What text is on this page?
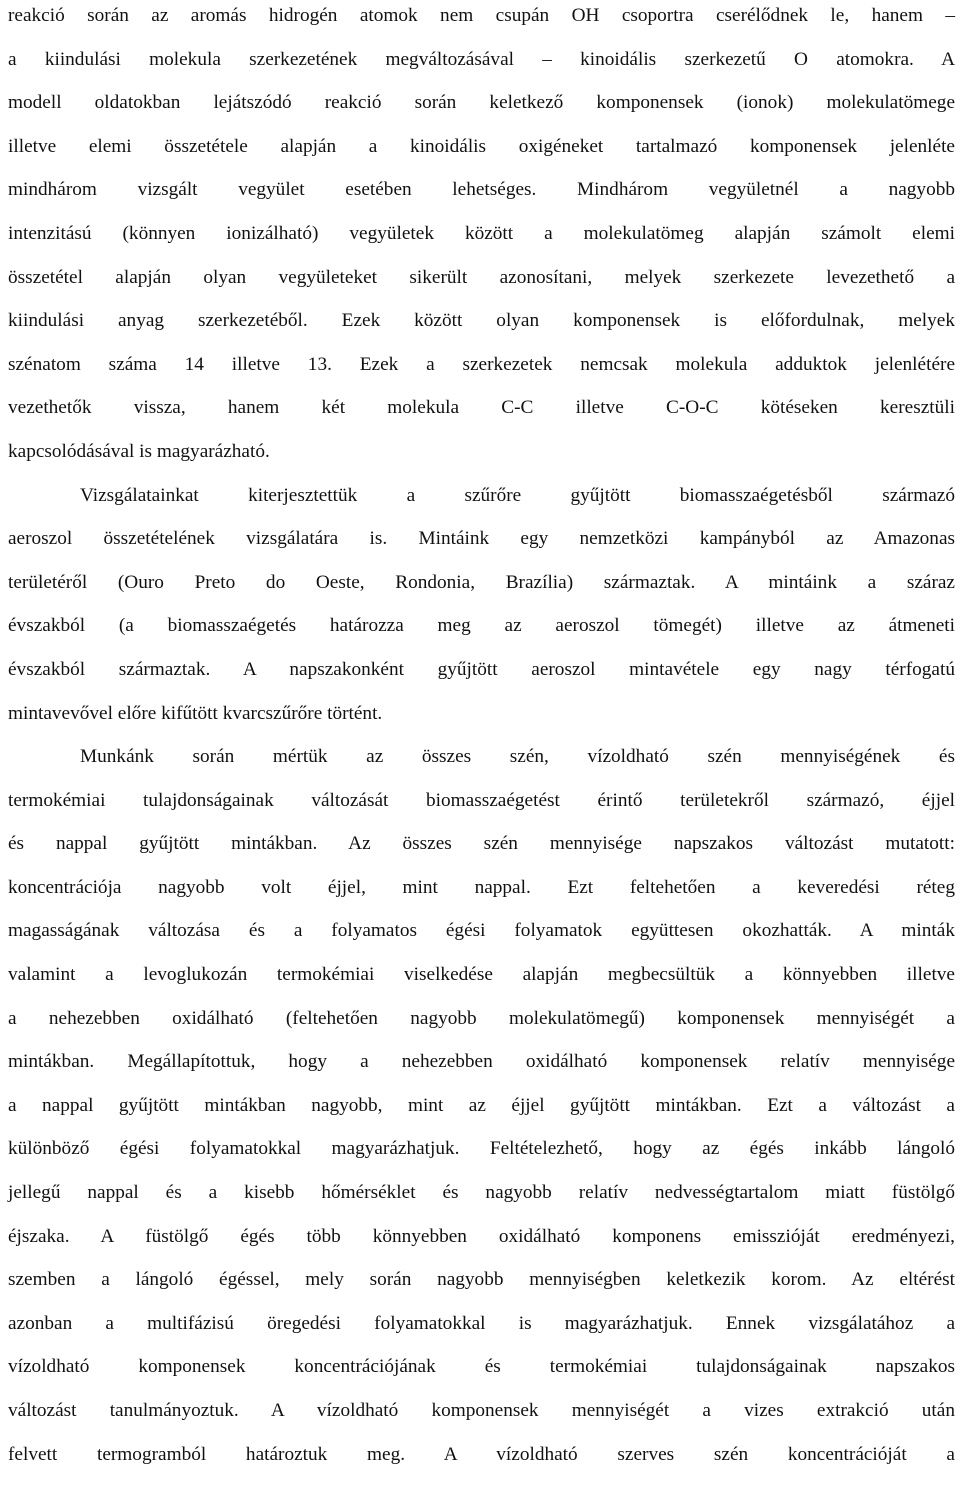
reakció során az aromás hidrogén atomok nem csupán OH csoportra cserélődnek le, hanem –
a kiindulási molekula szerkezetének megváltozásával – kinoidális szerkezetű O atomokra. A
modell oldatokban lejátszódó reakció során keletkező komponensek (ionok) molekulatömege
illetve elemi összetétele alapján a kinoidális oxigéneket tartalmazó komponensek jelenléte
mindhárom vizsgált vegyület esetében lehetséges. Mindhárom vegyületnél a nagyobb
intenzitású (könnyen ionizálható) vegyületek között a molekulatömeg alapján számolt elemi
összetétel alapján olyan vegyületeket sikerült azonosítani, melyek szerkezete levezethető a
kiindulási anyag szerkezetéből. Ezek között olyan komponensek is előfordulnak, melyek
szénatom száma 14 illetve 13. Ezek a szerkezetek nemcsak molekula adduktok jelenlétére
vezethetők vissza, hanem két molekula C-C illetve C-O-C kötéseken keresztüli
kapcsolódásával is magyarázható.
Vizsgálatainkat kiterjesztettük a szűrőre gyűjtött biomasszaégetésből származó
aeroszol összetételének vizsgálatára is. Mintáink egy nemzetközi kampányból az Amazonas
területéről (Ouro Preto do Oeste, Rondonia, Brazília) származtak. A mintáink a száraz
évszakból (a biomasszaégetés határozza meg az aeroszol tömegét) illetve az átmeneti
évszakból származtak. A napszakonként gyűjtött aeroszol mintavétele egy nagy térfogatú
mintavevővel előre kifűtött kvarcszűrőre történt.
Munkánk során mértük az összes szén, vízoldható szén mennyiségének és
termokémiai tulajdonságainak változását biomasszaégetést érintő területekről származó, éjjel
és nappal gyűjtött mintákban. Az összes szén mennyisége napszakos változást mutatott:
koncentrációja nagyobb volt éjjel, mint nappal. Ezt feltehetően a keveredési réteg
magasságának változása és a folyamatos égési folyamatok együttesen okozhatták. A minták
valamint a levoglukozán termokémiai viselkedése alapján megbecsültük a könnyebben illetve
a nehezebben oxidálható (feltehetően nagyobb molekulatömegű) komponensek mennyiségét a
mintákban. Megállapítottuk, hogy a nehezebben oxidálható komponensek relatív mennyisége
a nappal gyűjtött mintákban nagyobb, mint az éjjel gyűjtött mintákban. Ezt a változást a
különböző égési folyamatokkal magyarázhatjuk. Feltételezhető, hogy az égés inkább lángoló
jellegű nappal és a kisebb hőmérséklet és nagyobb relatív nedvességtartalom miatt füstölgő
éjszaka. A füstölgő égés több könnyebben oxidálható komponens emisszióját eredményezi,
szemben a lángoló égéssel, mely során nagyobb mennyiségben keletkezik korom. Az eltérést
azonban a multifázisú öregedési folyamatokkal is magyarázhatjuk. Ennek vizsgálatához a
vízoldható komponensek koncentrációjának és termokémiai tulajdonságainak napszakos
változást tanulmányoztuk. A vízoldható komponensek mennyiségét a vizes extrakció után
felvett termogramból határoztuk meg. A vízoldható szerves szén koncentrációját a
